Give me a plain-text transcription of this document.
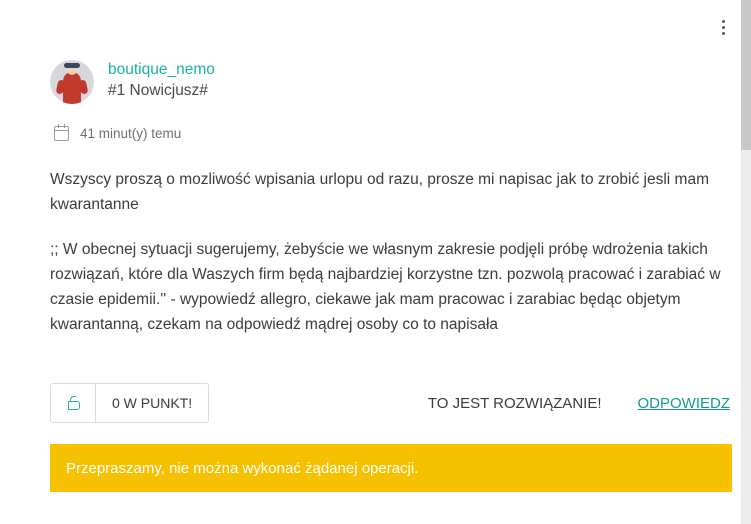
boutique_nemo
#1 Nowicjusz#
41 minut(y) temu

Wszyscy proszą o mozliwość wpisania urlopu od razu, prosze mi napisac jak to zrobić jesli mam kwarantanne

;; W obecnej sytuacji sugerujemy, żebyście we własnym zakresie podjęli próbę wdrożenia takich rozwiązań, które dla Waszych firm będą najbardziej korzystne tzn. pozwolą pracować i zarabiać w czasie epidemii.'' - wypowiedź allegro, ciekawe jak mam pracowac i zarabiac będąc objetym kwarantanną, czekam na odpowiedź mądrej osoby co to napisała

0 W PUNKT!	TO JEST ROZWIĄZANIE! ODPOWIEDZ
Przepraszamy, nie można wykonać żądanej operacji.
